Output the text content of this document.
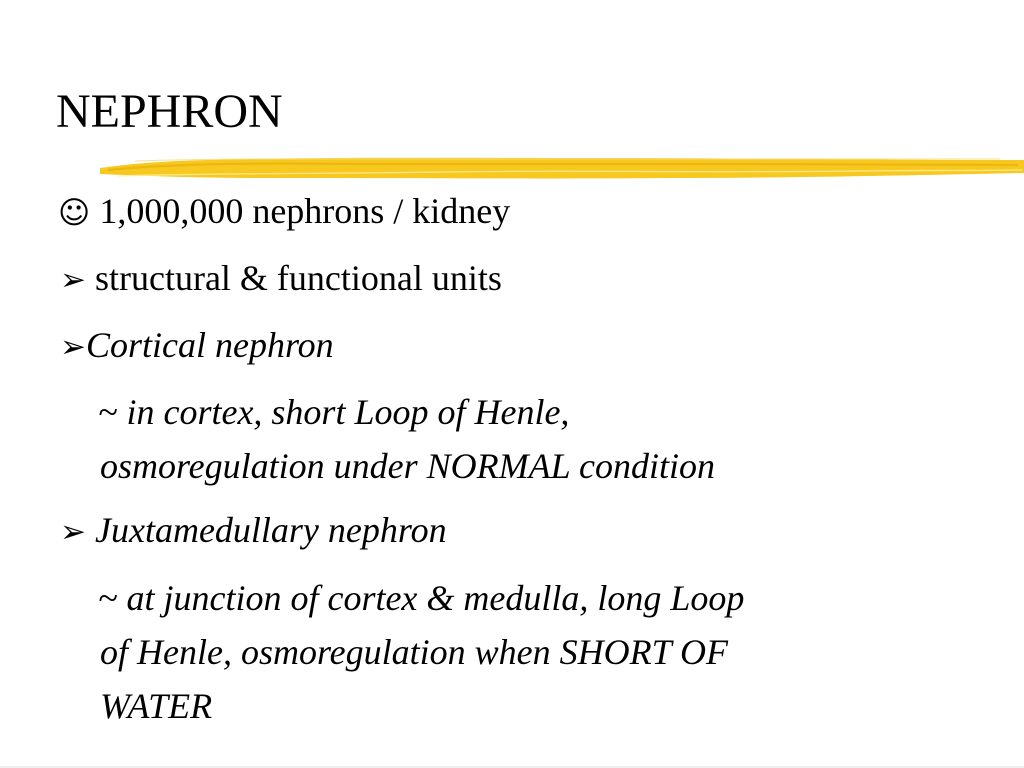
NEPHRON
☺ 1,000,000 nephrons / kidney
➢ structural & functional units
➢Cortical nephron
~ in cortex, short Loop of Henle,
osmoregulation under NORMAL condition
➢ Juxtamedullary nephron
~ at junction of cortex & medulla, long Loop
of Henle, osmoregulation when SHORT OF
WATER
